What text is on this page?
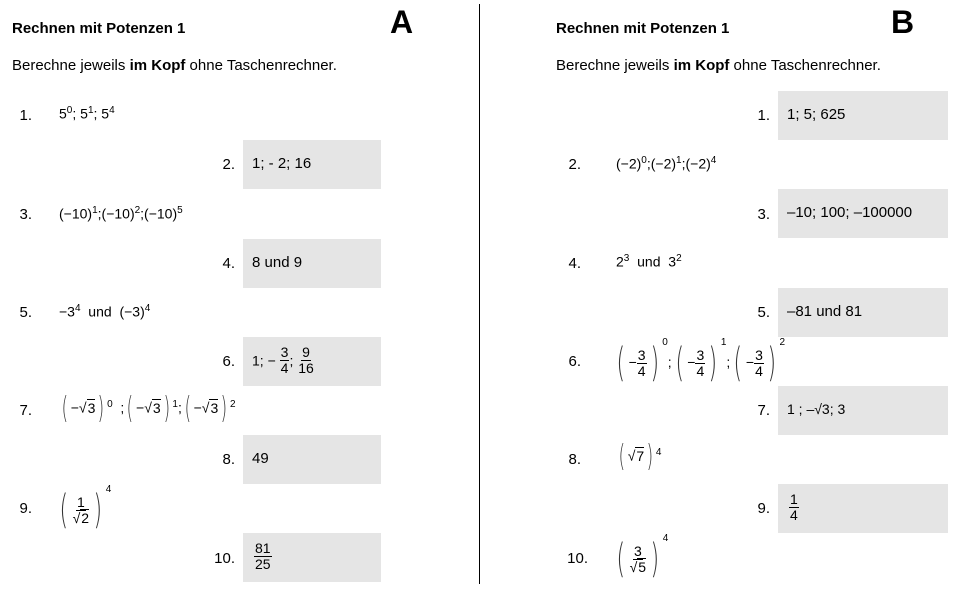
Rechnen mit Potenzen 1	A
Berechne jeweils im Kopf ohne Taschenrechner.
1. $5^0$; $5^1$; $5^4$
2. 1; - 2; 16
3. $(-10)^1;(-10)^2;(-10)^5$
4. 8 und 9
5. $-3^4$  und  $(-3)^4$
6. 1; − $\frac{3}{4}$ ; $\frac{9}{16}$
7. ( −√3) $^0$  ;( −√3) $^1$;( −√3) $^2$
8. 49
9. ( $\frac{1}{√2}$ ) $^4$
10. $\frac{81}{25}$
Rechnen mit Potenzen 1	B
Berechne jeweils im Kopf ohne Taschenrechner.
1. 1; 5; 625
2.	$(-2)^0;(-2)^1;(-2)^4$
3. –10; 100; –100000
4.	$2^3$  und  $3^2$
5. –81 und 81
6. ( − $\frac{3}{4}$ ) $^0$;( − $\frac{3}{4}$ ) $^1$;( − $\frac{3}{4}$ ) $^2$
7. 1 ; –√3; 3
8. ( √7) $^4$
9. $\frac{1}{4}$
10. ( $\frac{3}{√5}$ ) $^4$
